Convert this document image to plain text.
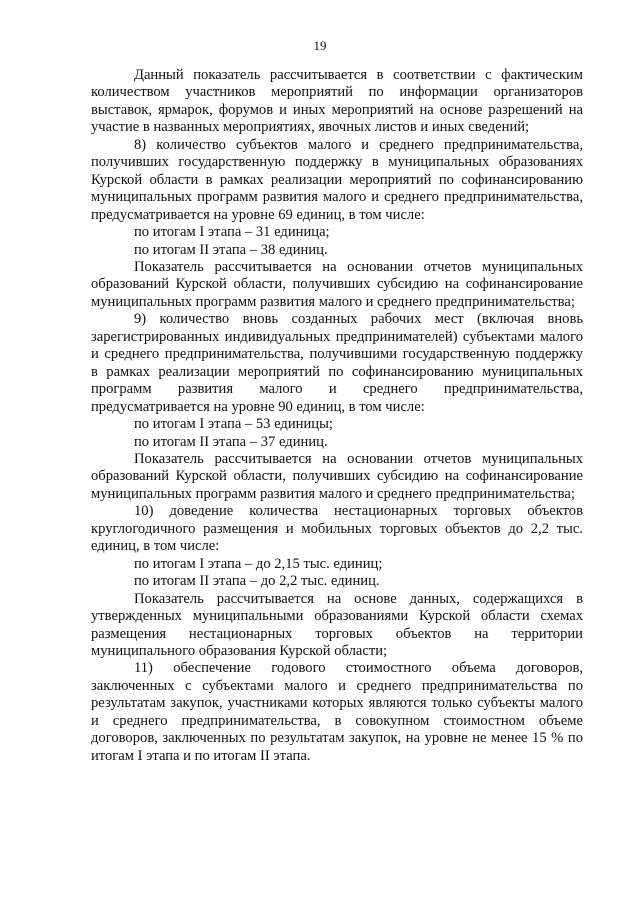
19

Данный показатель рассчитывается в соответствии с фактическим количеством участников мероприятий по информации организаторов выставок, ярмарок, форумов и иных мероприятий на основе разрешений на участие в названных мероприятиях, явочных листов и иных сведений;

8) количество субъектов малого и среднего предпринимательства, получивших государственную поддержку в муниципальных образованиях Курской области в рамках реализации мероприятий по софинансированию муниципальных программ развития малого и среднего предпринимательства, предусматривается на уровне 69 единиц, в том числе:

по итогам I этапа – 31 единица;

по итогам II этапа – 38 единиц.

Показатель рассчитывается на основании отчетов муниципальных образований Курской области, получивших субсидию на софинансирование муниципальных программ развития малого и среднего предпринимательства;

9) количество вновь созданных рабочих мест (включая вновь зарегистрированных индивидуальных предпринимателей) субъектами малого и среднего предпринимательства, получившими государственную поддержку в рамках реализации мероприятий по софинансированию муниципальных программ развития малого и среднего предпринимательства, предусматривается на уровне 90 единиц, в том числе:

по итогам I этапа – 53 единицы;

по итогам II этапа – 37 единиц.

Показатель рассчитывается на основании отчетов муниципальных образований Курской области, получивших субсидию на софинансирование муниципальных программ развития малого и среднего предпринимательства;

10) доведение количества нестационарных торговых объектов круглогодичного размещения и мобильных торговых объектов до 2,2 тыс. единиц, в том числе:

по итогам I этапа – до 2,15 тыс. единиц;

по итогам II этапа – до 2,2 тыс. единиц.

Показатель рассчитывается на основе данных, содержащихся в утвержденных муниципальными образованиями Курской области схемах размещения нестационарных торговых объектов на территории муниципального образования Курской области;

11) обеспечение годового стоимостного объема договоров, заключенных с субъектами малого и среднего предпринимательства по результатам закупок, участниками которых являются только субъекты малого и среднего предпринимательства, в совокупном стоимостном объеме договоров, заключенных по результатам закупок, на уровне не менее 15 % по итогам I этапа и по итогам II этапа.
